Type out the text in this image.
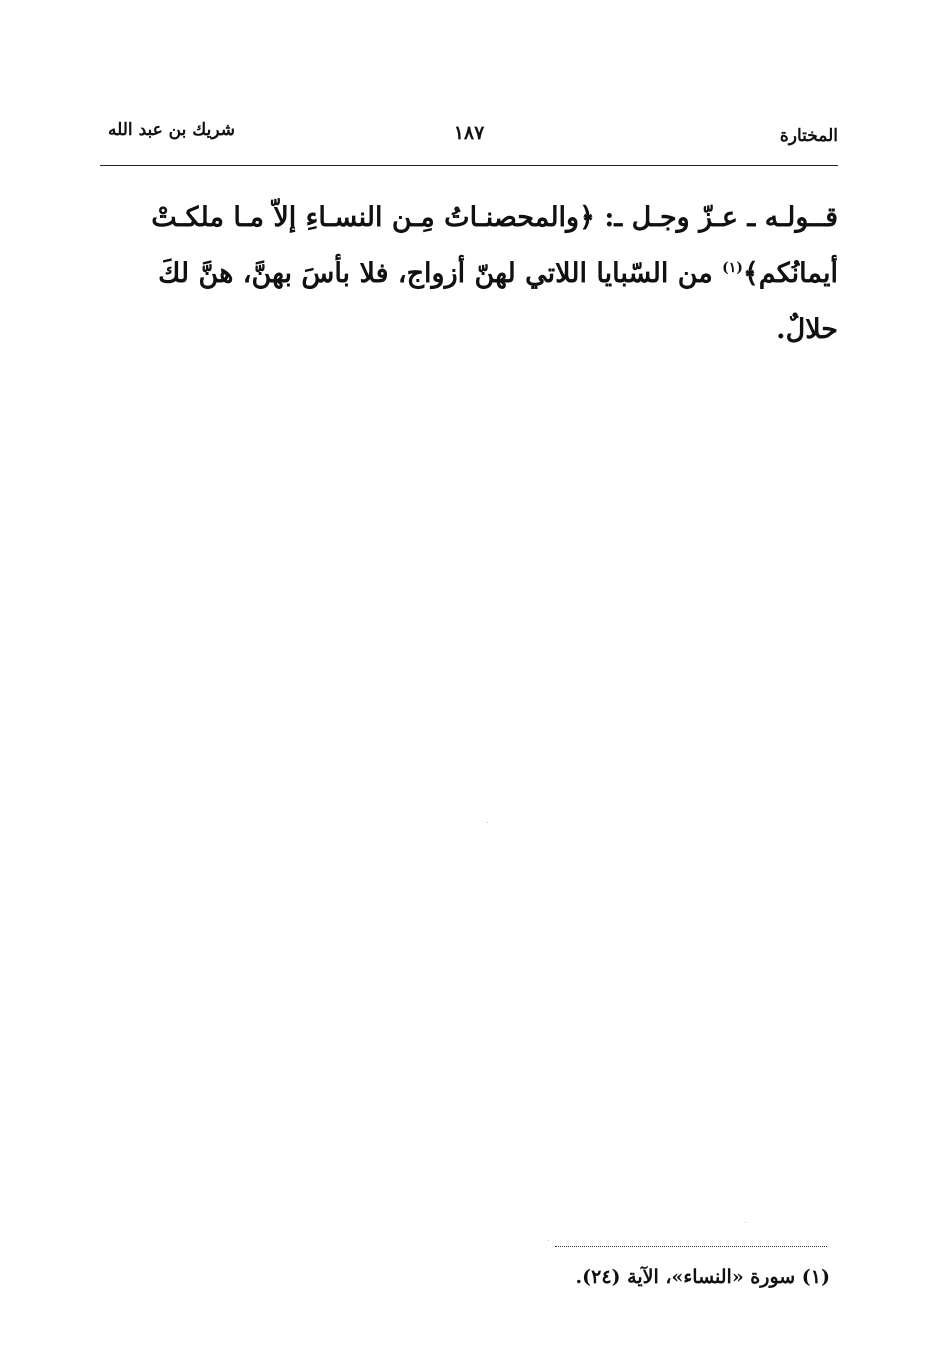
المختارة
١٨٧
شريك بن عبد الله

قــولـه ـ عـزّ وجـل ـ: ﴿والمحصنـاتُ مِـن النسـاءِ إلاّ مـا ملكـتْ

أيمانُكم﴾$^{(١)}$ من السّبايا اللاتي لهنّ أزواج، فلا بأسَ بهنَّ، هنَّ لكَ

حلالٌ.

(١) سورة «النساء»، الآية (٢٤).
